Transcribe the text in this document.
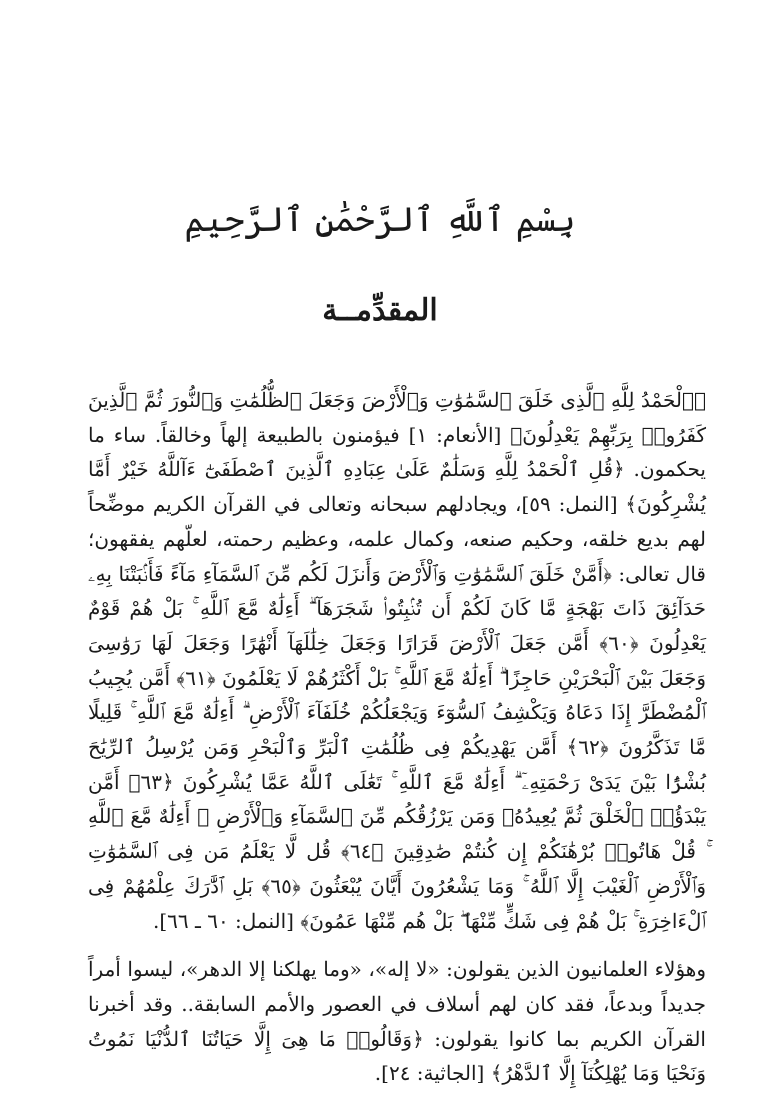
بِسْمِ ٱللَّهِ ٱلرَّحْمَٰنِ ٱلرَّحِيمِ
المقدِّمــة
﴿ٱلْحَمْدُ لِلَّهِ ٱلَّذِى خَلَقَ ٱلسَّمَٰوَٰتِ وَٱلْأَرْضَ وَجَعَلَ ٱلظُّلُمَٰتِ وَٱلنُّورَ ثُمَّ ٱلَّذِينَ كَفَرُوا۟ بِرَبِّهِمْ يَعْدِلُونَ﴾ [الأنعام: ١] فيؤمنون بالطبيعة إلهاً وخالقاً. ساء ما يحكمون. ﴿قُلِ ٱلْحَمْدُ لِلَّهِ وَسَلَٰمٌ عَلَىٰ عِبَادِهِ ٱلَّذِينَ ٱصْطَفَىٰٓ ءَآللَّهُ خَيْرٌ أَمَّا يُشْرِكُونَ﴾ [النمل: ٥٩]، ويجادلهم سبحانه وتعالى في القرآن الكريم موضِّحاً لهم بديع خلقه، وحكيم صنعه، وكمال علمه، وعظيم رحمته، لعلّهم يفقهون؛ قال تعالى: ﴿أَمَّنْ خَلَقَ ٱلسَّمَٰوَٰتِ وَٱلْأَرْضَ وَأَنزَلَ لَكُم مِّنَ ٱلسَّمَآءِ مَآءً فَأَنۢبَتْنَا بِهِۦ حَدَآئِقَ ذَاتَ بَهْجَةٍ مَّا كَانَ لَكُمْ أَن تُنۢبِتُوا۟ شَجَرَهَآ ۗ أَءِلَٰهٌ مَّعَ ٱللَّهِ ۚ بَلْ هُمْ قَوْمٌ يَعْدِلُونَ ﴿٦٠﴾ أَمَّن جَعَلَ ٱلْأَرْضَ قَرَارًا وَجَعَلَ خِلَٰلَهَآ أَنْهَٰرًا وَجَعَلَ لَهَا رَوَٰسِىَ وَجَعَلَ بَيْنَ ٱلْبَحْرَيْنِ حَاجِزًا ۗ أَءِلَٰهٌ مَّعَ ٱللَّهِ ۚ بَلْ أَكْثَرُهُمْ لَا يَعْلَمُونَ ﴿٦١﴾ أَمَّن يُجِيبُ ٱلْمُضْطَرَّ إِذَا دَعَاهُ وَيَكْشِفُ ٱلسُّوٓءَ وَيَجْعَلُكُمْ خُلَفَآءَ ٱلْأَرْضِ ۗ أَءِلَٰهٌ مَّعَ ٱللَّهِ ۚ قَلِيلًا مَّا تَذَكَّرُونَ ﴿٦٢﴾ أَمَّن يَهْدِيكُمْ فِى ظُلُمَٰتِ ٱلْبَرِّ وَٱلْبَحْرِ وَمَن يُرْسِلُ ٱلرِّيَٰحَ بُشْرًۢا بَيْنَ يَدَىْ رَحْمَتِهِۦٓ ۗ أَءِلَٰهٌ مَّعَ ٱللَّهِ ۚ تَعَٰلَى ٱللَّهُ عَمَّا يُشْرِكُونَ ﴿٦٣﴾ أَمَّن يَبْدَؤُا۟ ٱلْخَلْقَ ثُمَّ يُعِيدُهُۥ وَمَن يَرْزُقُكُم مِّنَ ٱلسَّمَآءِ وَٱلْأَرْضِ ۗ أَءِلَٰهٌ مَّعَ ٱللَّهِ ۚ قُلْ هَاتُوا۟ بُرْهَٰنَكُمْ إِن كُنتُمْ صَٰدِقِينَ ﴿٦٤﴾ قُل لَّا يَعْلَمُ مَن فِى ٱلسَّمَٰوَٰتِ وَٱلْأَرْضِ ٱلْغَيْبَ إِلَّا ٱللَّهُ ۚ وَمَا يَشْعُرُونَ أَيَّانَ يُبْعَثُونَ ﴿٦٥﴾ بَلِ ٱدَّٰرَكَ عِلْمُهُمْ فِى ٱلْءَاخِرَةِ ۚ بَلْ هُمْ فِى شَكٍّ مِّنْهَا ۖ بَلْ هُم مِّنْهَا عَمُونَ﴾ [النمل: ٦٠ ـ ٦٦].
وهؤلاء العلمانيون الذين يقولون: «لا إله»، «وما يهلكنا إلا الدهر»، ليسوا أمراً جديداً وبدعاً، فقد كان لهم أسلاف في العصور والأمم السابقة.. وقد أخبرنا القرآن الكريم بما كانوا يقولون: ﴿وَقَالُوا۟ مَا هِىَ إِلَّا حَيَاتُنَا ٱلدُّنْيَا نَمُوتُ وَنَحْيَا وَمَا يُهْلِكُنَآ إِلَّا ٱلدَّهْرُ﴾ [الجاثية: ٢٤].
